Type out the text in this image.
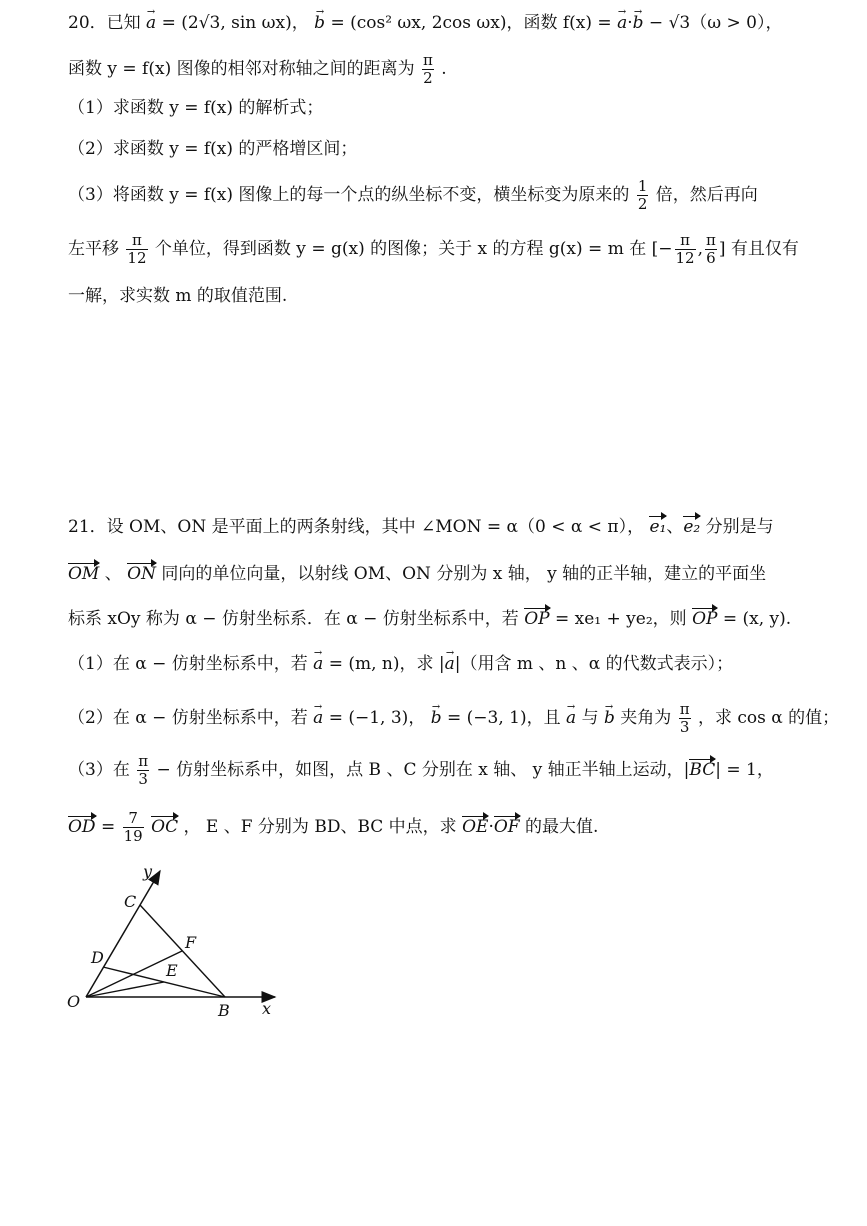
20．已知 → a = (2√3, sin ωx)， → b = (cos² ωx, 2cos ωx)，函数 f(x) = → a·→ b − √3（ω > 0），
函数 y = f(x) 图像的相邻对称轴之间的距离为 $\frac{\pi}{2}$ .
（1）求函数 y = f(x) 的解析式；
（2）求函数 y = f(x) 的严格增区间；
（3）将函数 y = f(x) 图像上的每一个点的纵坐标不变，横坐标变为原来的 $\frac{1}{2}$ 倍，然后再向
左平移 $\frac{\pi}{12}$ 个单位，得到函数 y = g(x) 的图像；关于 x 的方程 g(x) = m 在 [− $\frac{\pi}{12}$ , $\frac{\pi}{6}$ ] 有且仅有
一解，求实数 m 的取值范围.
21．设 OM、ON 是平面上的两条射线，其中 ∠MON = α（0 < α < π）， e₁、e₂ 分别是与
OM 、 ON 同向的单位向量，以射线 OM、ON 分别为 x 轴， y 轴的正半轴，建立的平面坐
标系 xOy 称为 α − 仿射坐标系．在 α − 仿射坐标系中，若 OP = xe₁ + ye₂，则 OP = (x, y).
（1）在 α − 仿射坐标系中，若 → a = (m, n)，求 |→ a|（用含 m 、n 、α 的代数式表示）；
（2）在 α − 仿射坐标系中，若 → a = (−1, 3)， → b = (−3, 1)，且 → a 与 → b 夹角为 $\frac{\pi}{3}$ ，求 cos α 的值；
（3）在 $\frac{\pi}{3}$ − 仿射坐标系中，如图，点 B 、C 分别在 x 轴、 y 轴正半轴上运动，|BC| = 1，
OD = $\frac{7}{19}$ OC ， E 、F 分别为 BD、BC 中点，求 OE·OF 的最大值.
y
x
O	B
C
D
E
F
